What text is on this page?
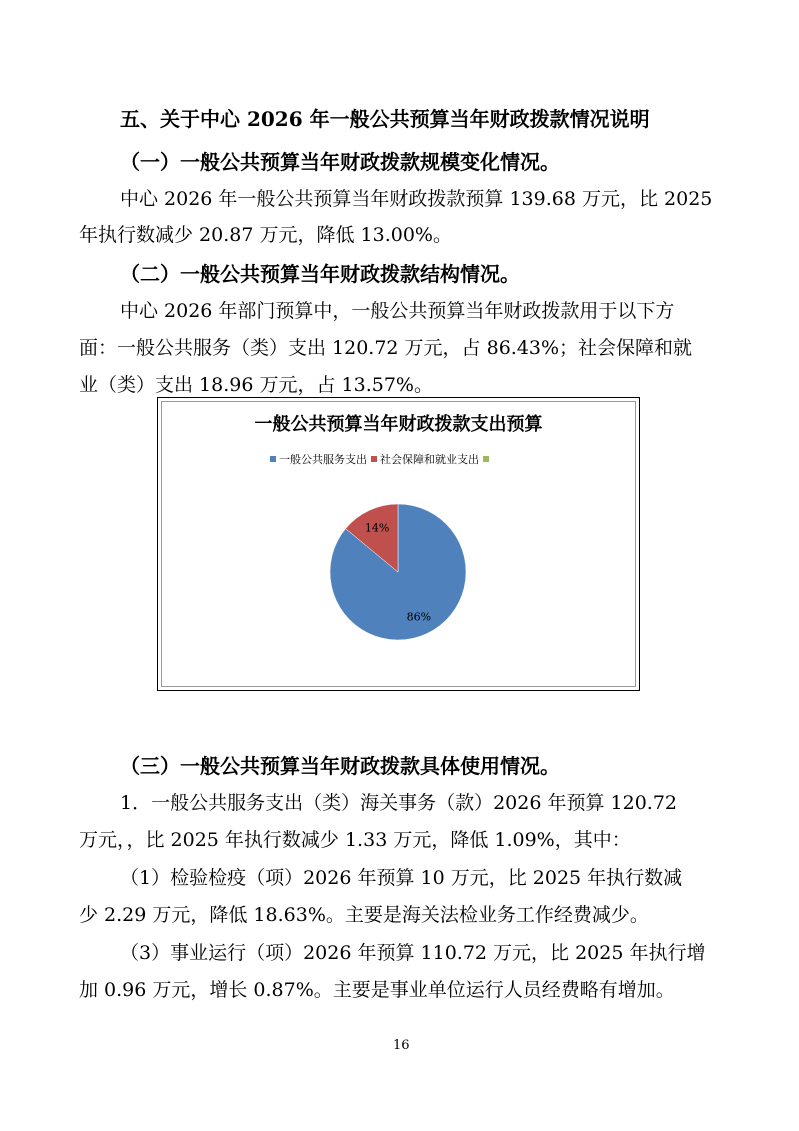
五、关于中心 2026 年一般公共预算当年财政拨款情况说明
（一）一般公共预算当年财政拨款规模变化情况。
中心 2026 年一般公共预算当年财政拨款预算 139.68 万元，比 2025
年执行数减少 20.87 万元，降低 13.00%。
（二）一般公共预算当年财政拨款结构情况。
中心 2026 年部门预算中，一般公共预算当年财政拨款用于以下方
面：一般公共服务（类）支出 120.72 万元，占 86.43%；社会保障和就
业（类）支出 18.96 万元，占 13.57%。
一般公共预算当年财政拨款支出预算
一般公共服务支出 社会保障和就业支出
86%
14%
（三）一般公共预算当年财政拨款具体使用情况。
1．一般公共服务支出（类）海关事务（款）2026 年预算 120.72
万元，，比 2025 年执行数减少 1.33 万元，降低 1.09%，其中：
（1）检验检疫（项）2026 年预算 10 万元，比 2025 年执行数减
少 2.29 万元，降低 18.63%。主要是海关法检业务工作经费减少。
（3）事业运行（项）2026 年预算 110.72 万元，比 2025 年执行增
加 0.96 万元，增长 0.87%。主要是事业单位运行人员经费略有增加。
16
